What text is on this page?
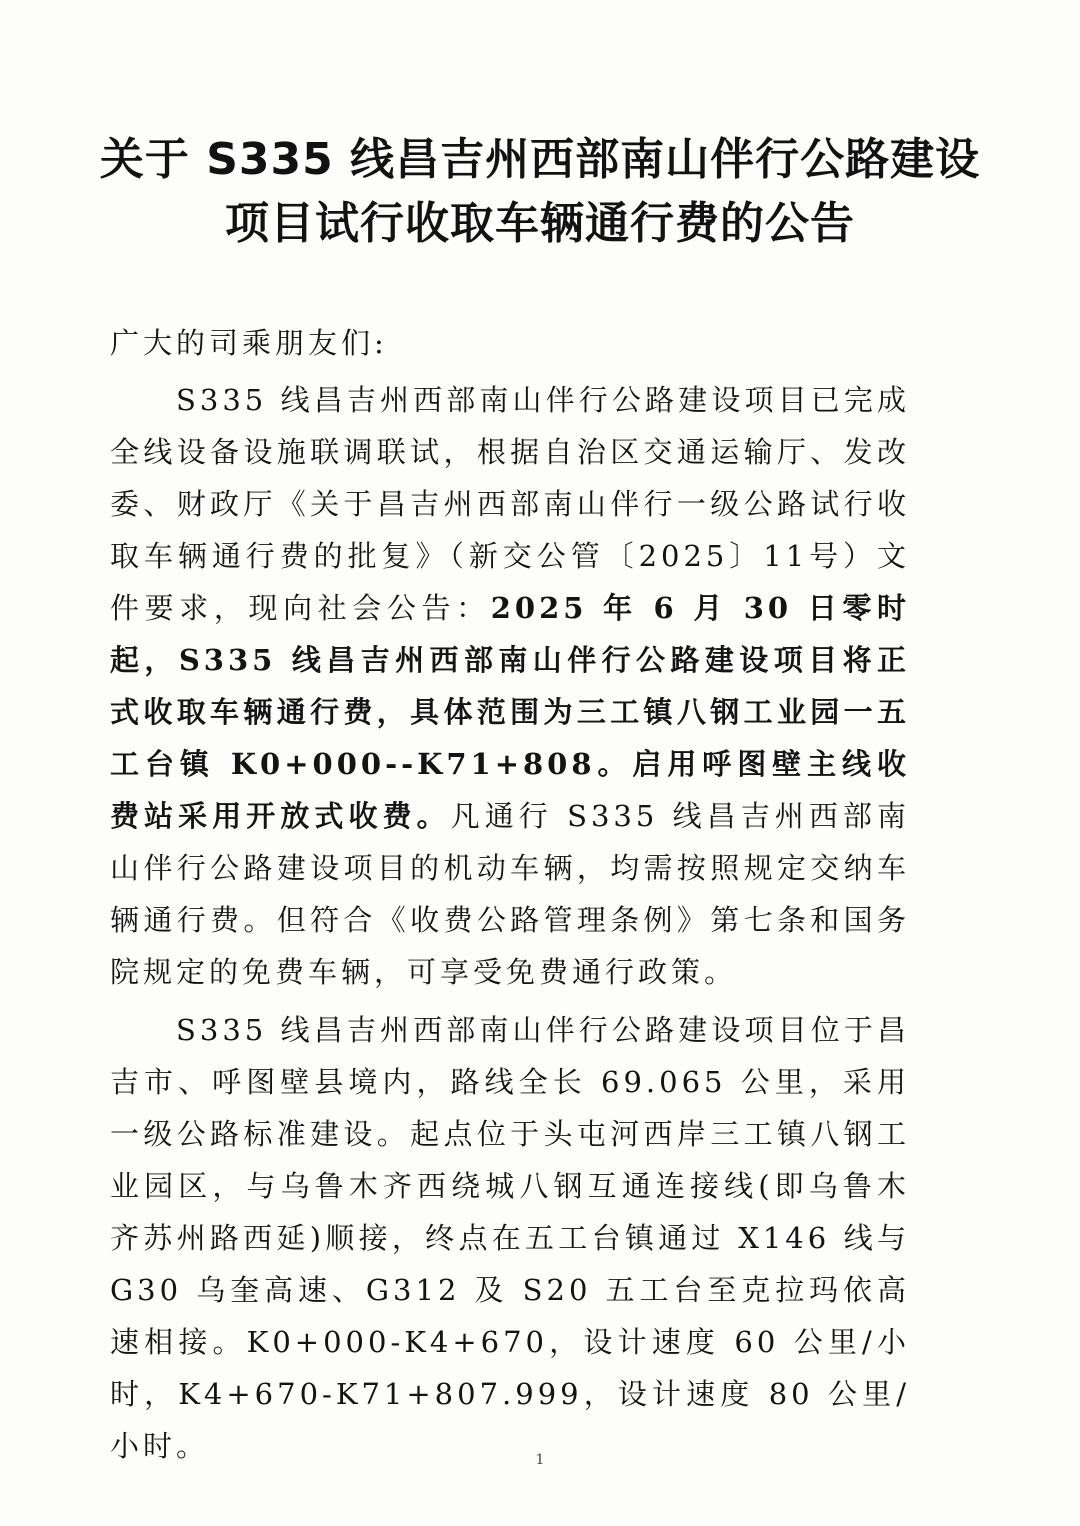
关于 S335 线昌吉州西部南山伴行公路建设
项目试行收取车辆通行费的公告
广大的司乘朋友们:

S335 线昌吉州西部南山伴行公路建设项目已完成全线设备设施联调联试，根据自治区交通运输厅、发改委、财政厅《关于昌吉州西部南山伴行一级公路试行收取车辆通行费的批复》（新交公管〔2025〕11号）文件要求，现向社会公告：2025 年 6 月 30 日零时起，S335 线昌吉州西部南山伴行公路建设项目将正式收取车辆通行费，具体范围为三工镇八钢工业园一五工台镇 K0+000--K71+808。启用呼图壁主线收费站采用开放式收费。凡通行 S335 线昌吉州西部南山伴行公路建设项目的机动车辆，均需按照规定交纳车辆通行费。但符合《收费公路管理条例》第七条和国务院规定的免费车辆，可享受免费通行政策。

S335 线昌吉州西部南山伴行公路建设项目位于昌吉市、呼图壁县境内，路线全长 69.065 公里，采用一级公路标准建设。起点位于头屯河西岸三工镇八钢工业园区，与乌鲁木齐西绕城八钢互通连接线(即乌鲁木齐苏州路西延)顺接，终点在五工台镇通过 X146 线与 G30 乌奎高速、G312 及 S20 五工台至克拉玛依高速相接。K0+000-K4+670，设计速度 60 公里/小时，K4+670-K71+807.999，设计速度 80 公里/小时。	1
